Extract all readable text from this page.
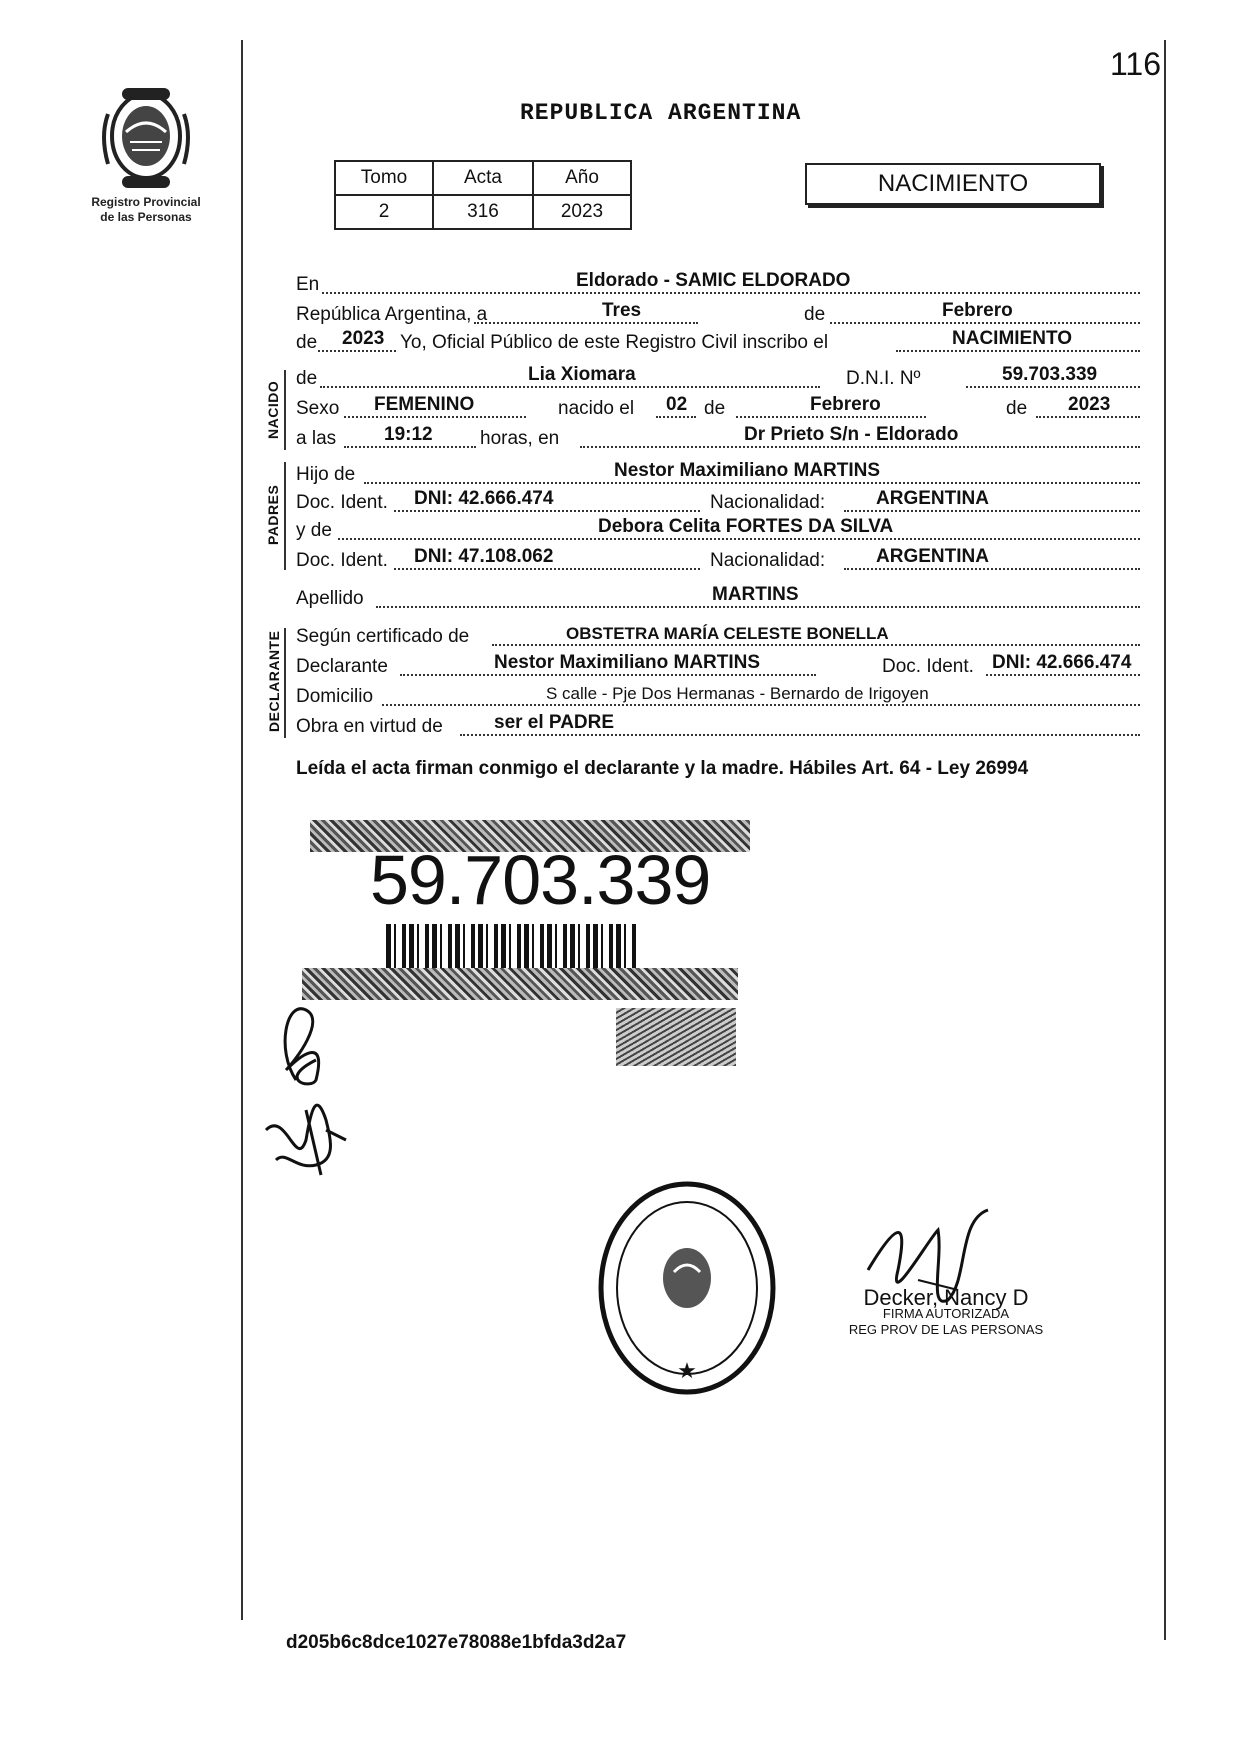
Registro Provincial
de las Personas
116
REPUBLICA ARGENTINA
Tomo	Acta	Año
2	316	2023
NACIMIENTO
En	Eldorado - SAMIC ELDORADO
República Argentina, a	Tres	de	Febrero
de 2023 Yo, Oficial Público de este Registro Civil inscribo el	NACIMIENTO
NACIDO
de	Lia Xiomara	D.N.I. Nº	59.703.339
Sexo FEMENINO	nacido el 02 de	Febrero	de 2023
a las	19:12 horas, en	Dr Prieto S/n - Eldorado
PADRES
Hijo de	Nestor Maximiliano MARTINS
Doc. Ident. DNI: 42.666.474	Nacionalidad:	ARGENTINA
y de	Debora Celita FORTES DA SILVA
Doc. Ident. DNI: 47.108.062	Nacionalidad:	ARGENTINA
Apellido	MARTINS
DECLARANTE Según certificado de	OBSTETRA MARÍA CELESTE BONELLA
Declarante	Nestor Maximiliano MARTINS	Doc. Ident. DNI: 42.666.474
Domicilio	S calle - Pje Dos Hermanas - Bernardo de Irigoyen
Obra en virtud de	ser el PADRE
Leída el acta firman conmigo el declarante y la madre. Hábiles Art. 64 - Ley 26994
59.703.339
★
Decker, Nancy D
FIRMA AUTORIZADA
REG PROV DE LAS PERSONAS
d205b6c8dce1027e78088e1bfda3d2a7
